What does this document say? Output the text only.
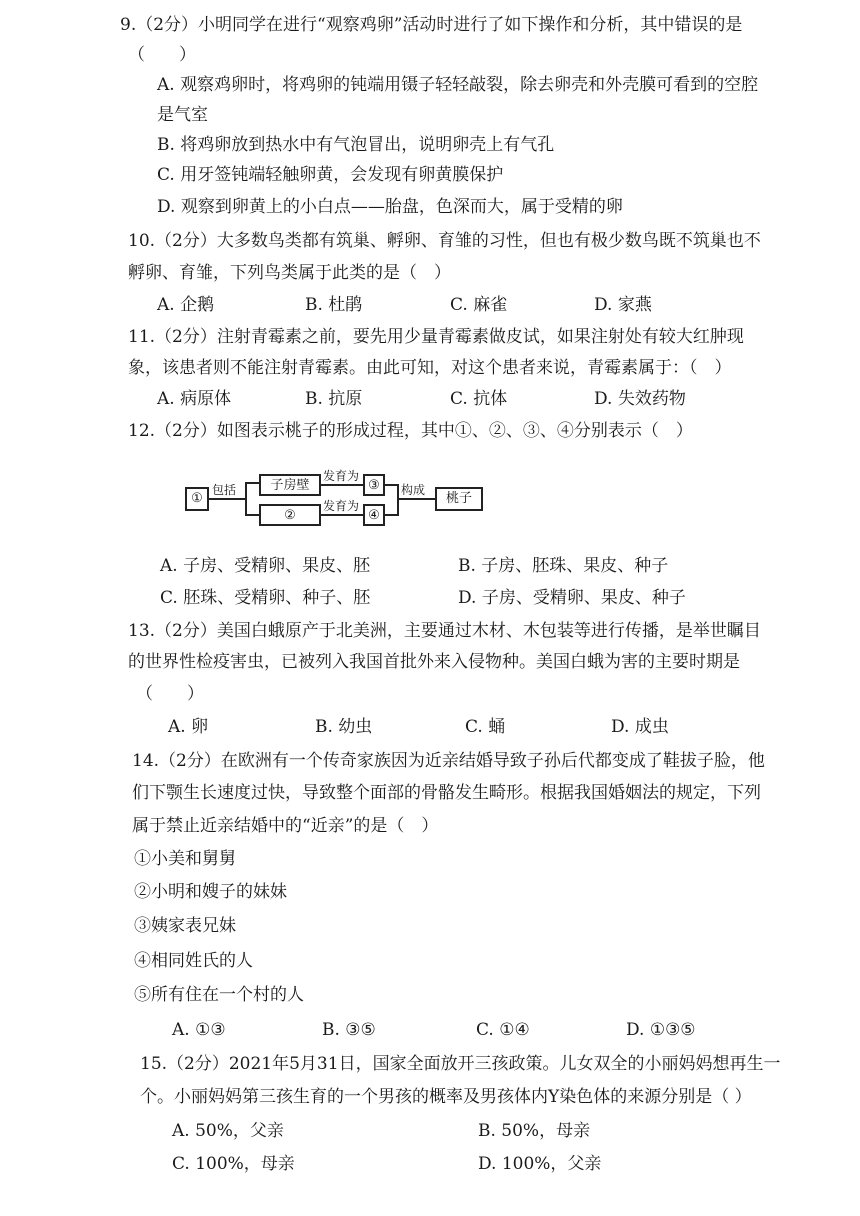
9.（2分）小明同学在进行“观察鸡卵”活动时进行了如下操作和分析，其中错误的是
（　　）
A. 观察鸡卵时，将鸡卵的钝端用镊子轻轻敲裂，除去卵壳和外壳膜可看到的空腔
是气室
B. 将鸡卵放到热水中有气泡冒出，说明卵壳上有气孔
C. 用牙签钝端轻触卵黄，会发现有卵黄膜保护
D. 观察到卵黄上的小白点——胎盘，色深而大，属于受精的卵
10.（2分）大多数鸟类都有筑巢、孵卵、育雏的习性，但也有极少数鸟既不筑巢也不
孵卵、育雏，下列鸟类属于此类的是（　）
A. 企鹅	B. 杜鹃	C. 麻雀	D. 家燕
11.（2分）注射青霉素之前，要先用少量青霉素做皮试，如果注射处有较大红肿现
象，该患者则不能注射青霉素。由此可知，对这个患者来说，青霉素属于：（　）
A. 病原体	B. 抗原	C. 抗体	D. 失效药物
12.（2分）如图表示桃子的形成过程，其中①、②、③、④分别表示（　）
①
包括	子房壁
②
发育为
发育为
③
④
构成
桃子
A. 子房、受精卵、果皮、胚	B. 子房、胚珠、果皮、种子
C. 胚珠、受精卵、种子、胚	D. 子房、受精卵、果皮、种子
13.（2分）美国白蛾原产于北美洲，主要通过木材、木包装等进行传播，是举世瞩目
的世界性检疫害虫，已被列入我国首批外来入侵物种。美国白蛾为害的主要时期是
（　　）
A. 卵	B. 幼虫	C. 蛹	D. 成虫
14.（2分）在欧洲有一个传奇家族因为近亲结婚导致子孙后代都变成了鞋拔子脸，他
们下颚生长速度过快，导致整个面部的骨骼发生畸形。根据我国婚姻法的规定，下列
属于禁止近亲结婚中的“近亲”的是（　）
①小美和舅舅
②小明和嫂子的妹妹
③姨家表兄妹
④相同姓氏的人
⑤所有住在一个村的人
A. ①③	B. ③⑤	C. ①④	D. ①③⑤
15.（2分）2021年5月31日，国家全面放开三孩政策。儿女双全的小丽妈妈想再生一
个。小丽妈妈第三孩生育的一个男孩的概率及男孩体内Y染色体的来源分别是（ ）
A. 50%，父亲	B. 50%，母亲
C. 100%，母亲	D. 100%，父亲
